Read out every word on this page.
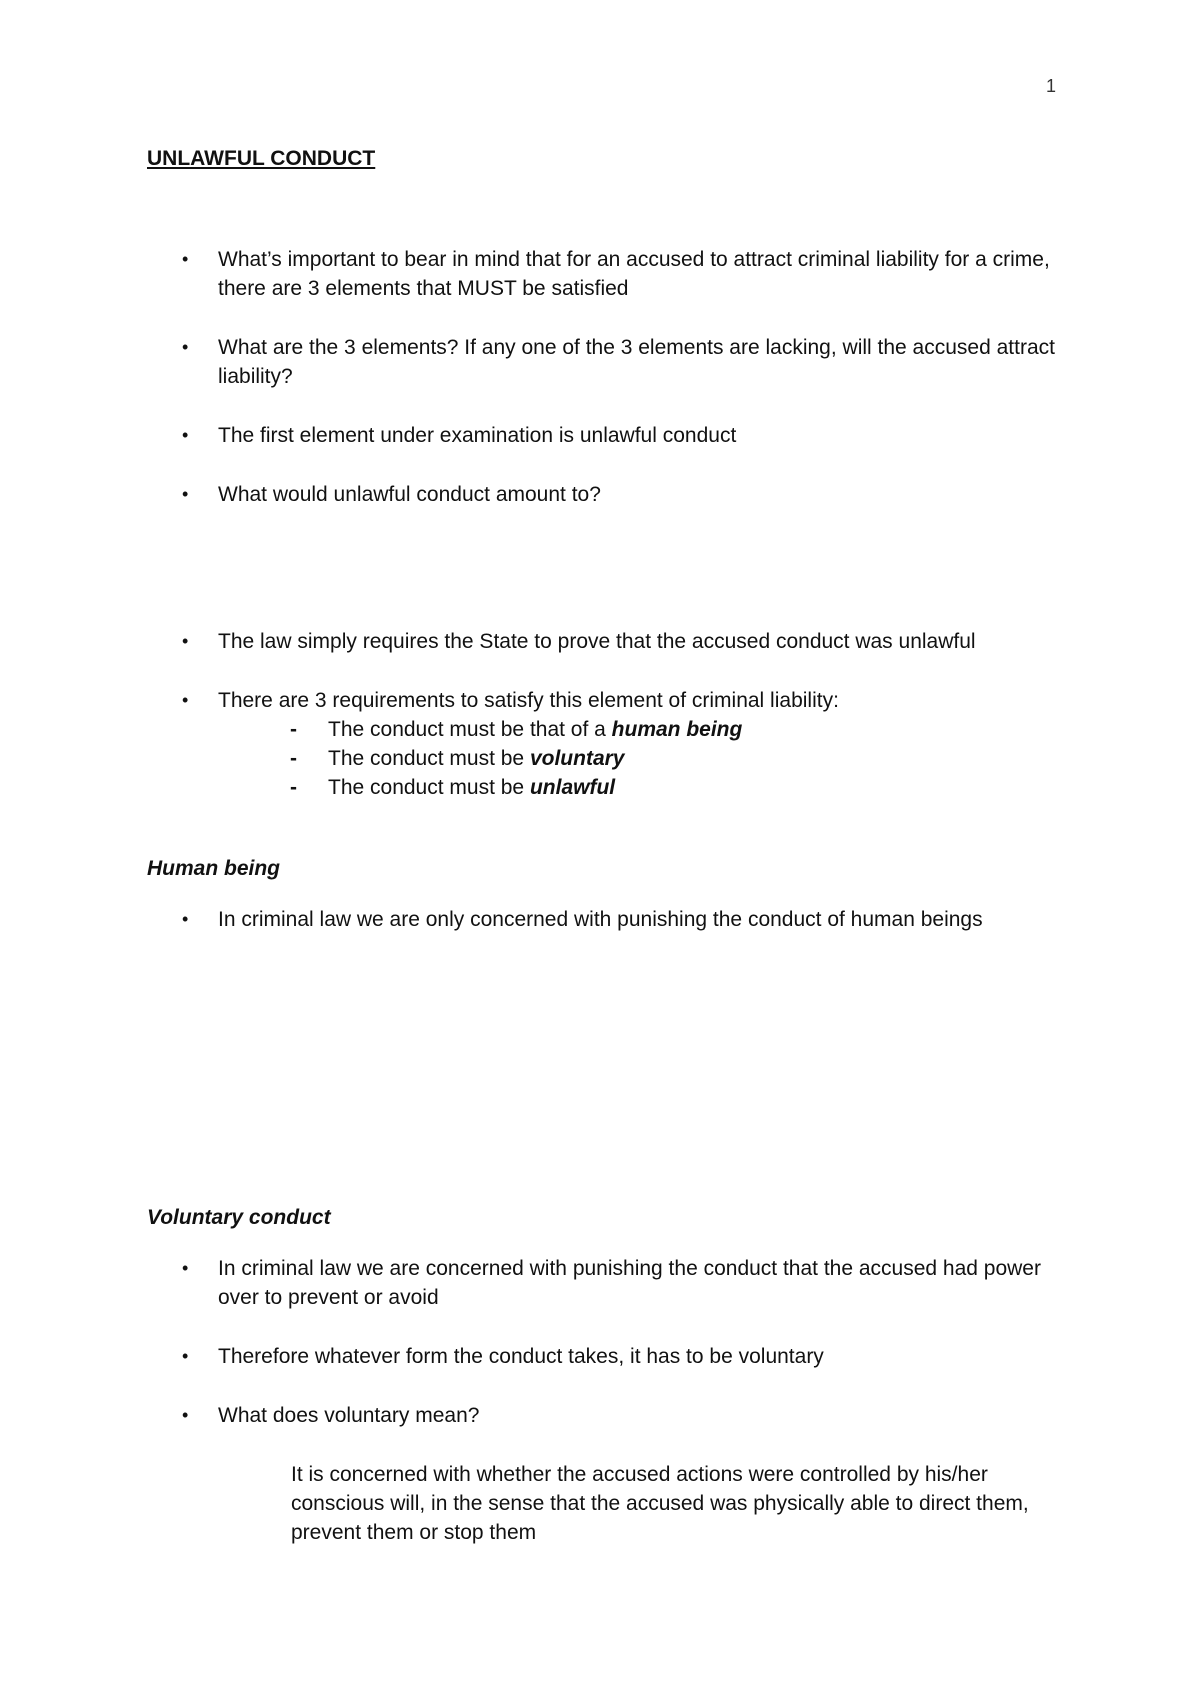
1
UNLAWFUL CONDUCT
• What’s important to bear in mind that for an accused to attract criminal liability for a crime, there are 3 elements that MUST be satisfied
• What are the 3 elements? If any one of the 3 elements are lacking, will the accused attract liability?
• The first element under examination is unlawful conduct
• What would unlawful conduct amount to?
• The law simply requires the State to prove that the accused conduct was unlawful
• There are 3 requirements to satisfy this element of criminal liability:
- The conduct must be that of a human being
- The conduct must be voluntary
- The conduct must be unlawful
Human being
• In criminal law we are only concerned with punishing the conduct of human beings
Voluntary conduct
• In criminal law we are concerned with punishing the conduct that the accused had power over to prevent or avoid
• Therefore whatever form the conduct takes, it has to be voluntary
• What does voluntary mean?
It is concerned with whether the accused actions were controlled by his/her conscious will, in the sense that the accused was physically able to direct them, prevent them or stop them
